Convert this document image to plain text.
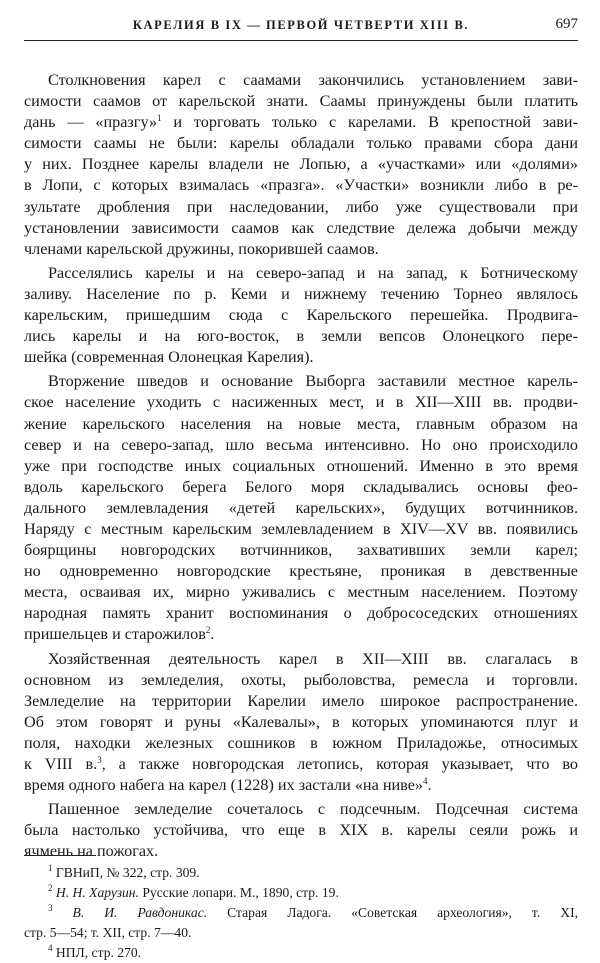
КАРЕЛИЯ В IX — ПЕРВОЙ ЧЕТВЕРТИ XIII В.	697
Столкновения карел с саамами закончились установлением зави-
симости саамов от карельской знати. Саамы принуждены были платить
дань — «празгу»$^1$ и торговать только с карелами. В крепостной зави-
симости саамы не были: карелы обладали только правами сбора дани
у них. Позднее карелы владели не Лопью, а «участками» или «долями»
в Лопи, с которых взималась «празга». «Участки» возникли либо в ре-
зультате дробления при наследовании, либо уже существовали при
установлении зависимости саамов как следствие дележа добычи между
членами карельской дружины, покорившей саамов.
Расселялись карелы и на северо-запад и на запад, к Ботническому
заливу. Население по р. Кеми и нижнему течению Торнео являлось
карельским, пришедшим сюда с Карельского перешейка. Продвига-
лись карелы и на юго-восток, в земли вепсов Олонецкого пере-
шейка (современная Олонецкая Карелия).
Вторжение шведов и основание Выборга заставили местное карель-
ское население уходить с насиженных мест, и в XII—XIII вв. продви-
жение карельского населения на новые места, главным образом на
север и на северо-запад, шло весьма интенсивно. Но оно происходило
уже при господстве иных социальных отношений. Именно в это время
вдоль карельского берега Белого моря складывались основы фео-
дального землевладения «детей карельских», будущих вотчинников.
Наряду с местным карельским землевладением в XIV—XV вв. появились
боярщины новгородских вотчинников, захвативших земли карел;
но одновременно новгородские крестьяне, проникая в девственные
места, осваивая их, мирно уживались с местным населением. Поэтому
народная память хранит воспоминания о добрососедских отношениях
пришельцев и старожилов$^2$.
Хозяйственная деятельность карел в XII—XIII вв. слагалась в
основном из земледелия, охоты, рыболовства, ремесла и торговли.
Земледелие на территории Карелии имело широкое распространение.
Об этом говорят и руны «Калевалы», в которых упоминаются плуг и
поля, находки железных сошников в южном Приладожье, относимых
к VIII в.$^3$, а также новгородская летопись, которая указывает, что во
время одного набега на карел (1228) их застали «на ниве»$^4$.
Пашенное земледелие сочеталось с подсечным. Подсечная система
была настолько устойчива, что еще в XIX в. карелы сеяли рожь и
ячмень на пожогах.
$^1$ ГВНиП, № 322, стр. 309.
$^2$ Н. Н. Харузин. Русские лопари. М., 1890, стр. 19.
$^3$ В. И. Равдоникас. Старая Ладога. «Советская археология», т. XI,
стр. 5—54; т. XII, стр. 7—40.
$^4$ НПЛ, стр. 270.
